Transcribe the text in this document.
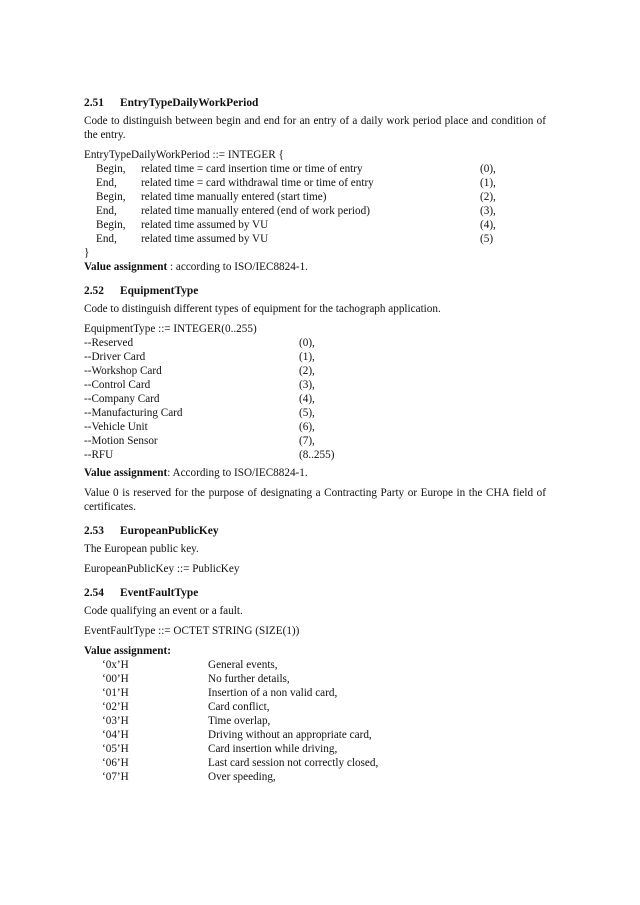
2.51 EntryTypeDailyWorkPeriod

Code to distinguish between begin and end for an entry of a daily work period place and condition of the entry.

EntryTypeDailyWorkPeriod ::= INTEGER {

Begin, related time = card insertion time or time of entry	(0),
End, related time = card withdrawal time or time of entry	(1),
Begin, related time manually entered (start time)	(2),
End, related time manually entered (end of work period)	(3),
Begin, related time assumed by VU	(4),
End, related time assumed by VU	(5)

}

Value assignment : according to ISO/IEC8824-1.

2.52 EquipmentType

Code to distinguish different types of equipment for the tachograph application.

EquipmentType ::= INTEGER(0..255)

--Reserved	(0),
--Driver Card	(1),
--Workshop Card	(2),
--Control Card	(3),
--Company Card	(4),
--Manufacturing Card	(5),
--Vehicle Unit	(6),
--Motion Sensor	(7),
--RFU	(8..255)

Value assignment: According to ISO/IEC8824-1.

Value 0 is reserved for the purpose of designating a Contracting Party or Europe in the CHA field of certificates.

2.53 EuropeanPublicKey

The European public key.

EuropeanPublicKey ::= PublicKey

2.54 EventFaultType

Code qualifying an event or a fault.

EventFaultType ::= OCTET STRING (SIZE(1))

Value assignment:

‘0x’H	General events,
‘00’H	No further details,
‘01’H	Insertion of a non valid card,
‘02’H	Card conflict,
‘03’H	Time overlap,
‘04’H	Driving without an appropriate card,
‘05’H	Card insertion while driving,
‘06’H	Last card session not correctly closed,
‘07’H	Over speeding,
